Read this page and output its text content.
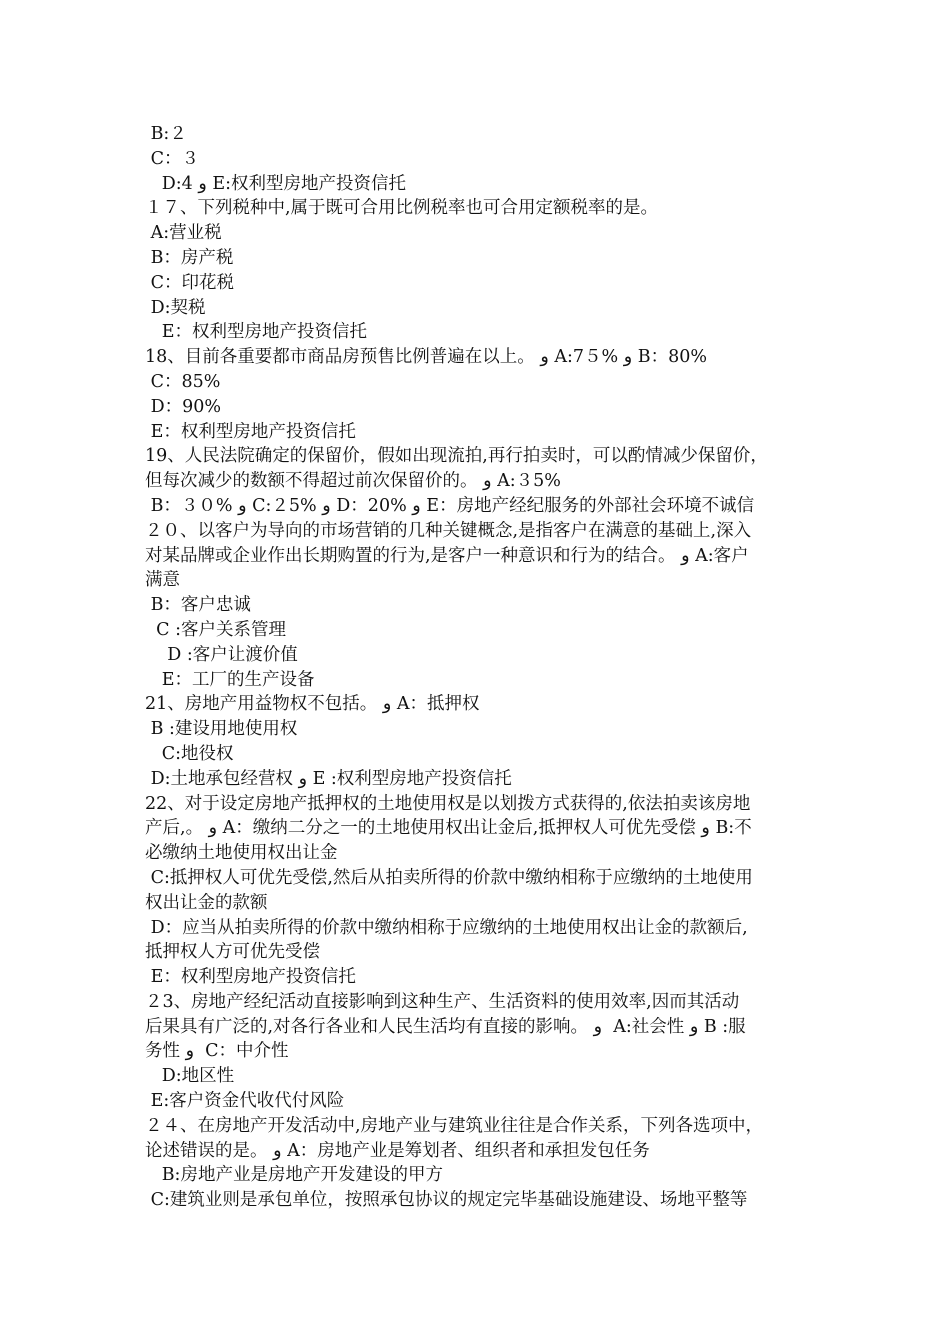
B:２
C：３
D:4 و E:权利型房地产投资信托
１７、下列税种中,属于既可合用比例税率也可合用定额税率的是。
A:营业税
B：房产税
C：印花税
D:契税
E：权利型房地产投资信托
18、目前各重要都市商品房预售比例普遍在以上。 و A:7５% و B：80%
C：85%
D：90%
E：权利型房地产投资信托
19、人民法院确定的保留价，假如出现流拍,再行拍卖时，可以酌情减少保留价，
但每次减少的数额不得超过前次保留价的。 و A:３5%
B：３０% و C:２5% و D：20% و E：房地产经纪服务的外部社会环境不诚信
２０、以客户为导向的市场营销的几种关键概念,是指客户在满意的基础上,深入
对某品牌或企业作出长期购置的行为,是客户一种意识和行为的结合。 و A:客户
满意
B：客户忠诚
C :客户关系管理
D :客户让渡价值
E：工厂的生产设备
21、房地产用益物权不包括。 و A：抵押权
B :建设用地使用权
C:地役权
D:土地承包经营权 و E :权利型房地产投资信托
22、对于设定房地产抵押权的土地使用权是以划拨方式获得的,依法拍卖该房地
产后,。 و A：缴纳二分之一的土地使用权出让金后,抵押权人可优先受偿 و B:不
必缴纳土地使用权出让金
C:抵押权人可优先受偿,然后从拍卖所得的价款中缴纳相称于应缴纳的土地使用
权出让金的款额
D：应当从拍卖所得的价款中缴纳相称于应缴纳的土地使用权出让金的款额后,
抵押权人方可优先受偿
E：权利型房地产投资信托
２3、房地产经纪活动直接影响到这种生产、生活资料的使用效率,因而其活动
后果具有广泛的,对各行各业和人民生活均有直接的影响。 و  A:社会性 و B :服
务性 و  C：中介性
D:地区性
E:客户资金代收代付风险
２４、在房地产开发活动中,房地产业与建筑业往往是合作关系，下列各选项中，
论述错误的是。 و A：房地产业是筹划者、组织者和承担发包任务
B:房地产业是房地产开发建设的甲方
C:建筑业则是承包单位，按照承包协议的规定完毕基础设施建设、场地平整等
